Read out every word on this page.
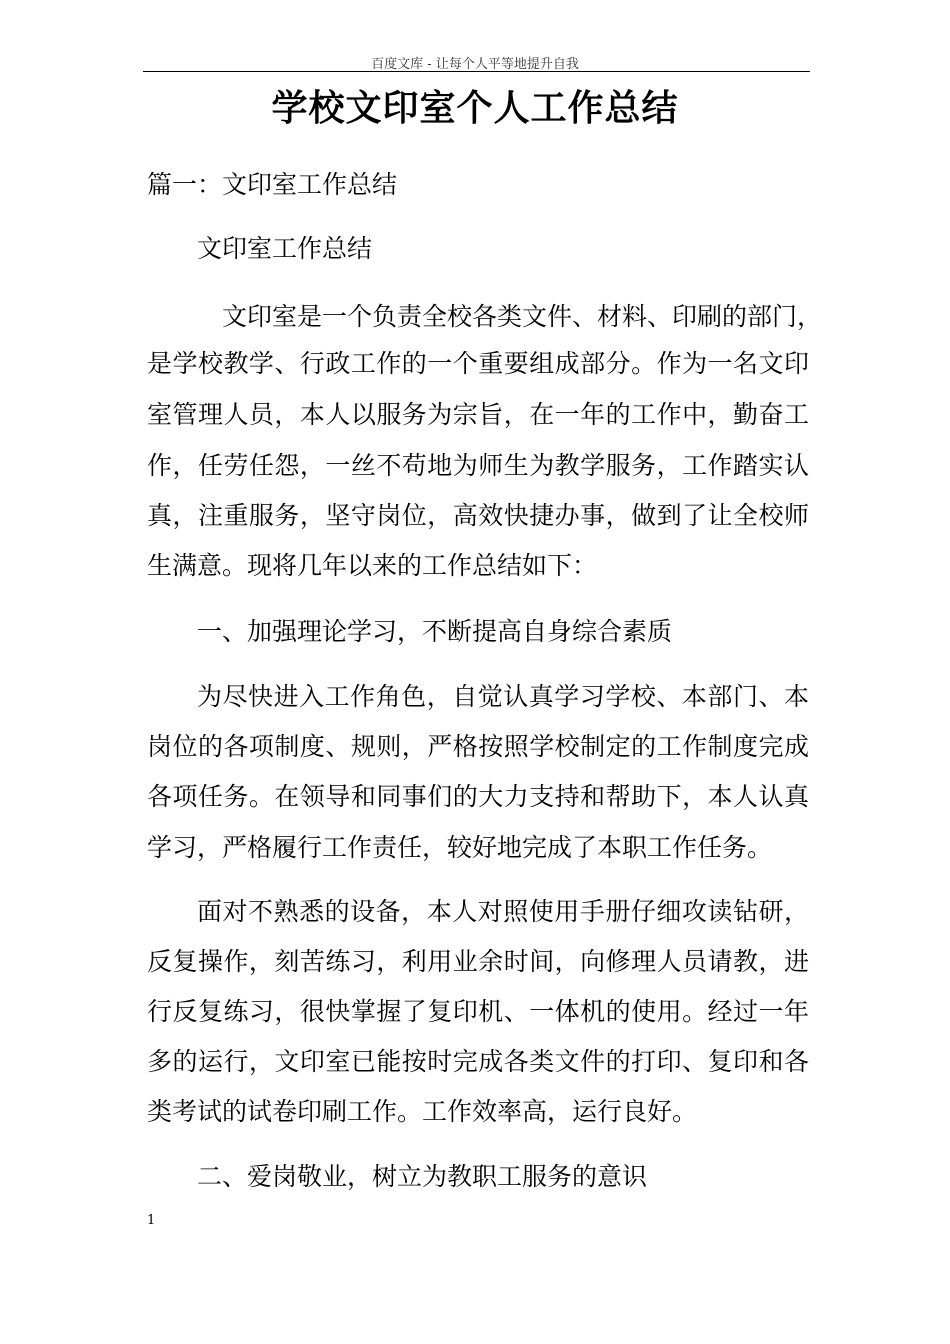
百度文库 - 让每个人平等地提升自我
学校文印室个人工作总结
篇一：文印室工作总结
文印室工作总结
文印室是一个负责全校各类文件、材料、印刷的部门，
是学校教学、行政工作的一个重要组成部分。作为一名文印
室管理人员，本人以服务为宗旨，在一年的工作中，勤奋工
作，任劳任怨，一丝不苟地为师生为教学服务，工作踏实认
真，注重服务，坚守岗位，高效快捷办事，做到了让全校师
生满意。现将几年以来的工作总结如下：
一、加强理论学习，不断提高自身综合素质
为尽快进入工作角色，自觉认真学习学校、本部门、本
岗位的各项制度、规则，严格按照学校制定的工作制度完成
各项任务。在领导和同事们的大力支持和帮助下，本人认真
学习，严格履行工作责任，较好地完成了本职工作任务。
面对不熟悉的设备，本人对照使用手册仔细攻读钻研，
反复操作，刻苦练习，利用业余时间，向修理人员请教，进
行反复练习，很快掌握了复印机、一体机的使用。经过一年
多的运行，文印室已能按时完成各类文件的打印、复印和各
类考试的试卷印刷工作。工作效率高，运行良好。
二、爱岗敬业，树立为教职工服务的意识
1
